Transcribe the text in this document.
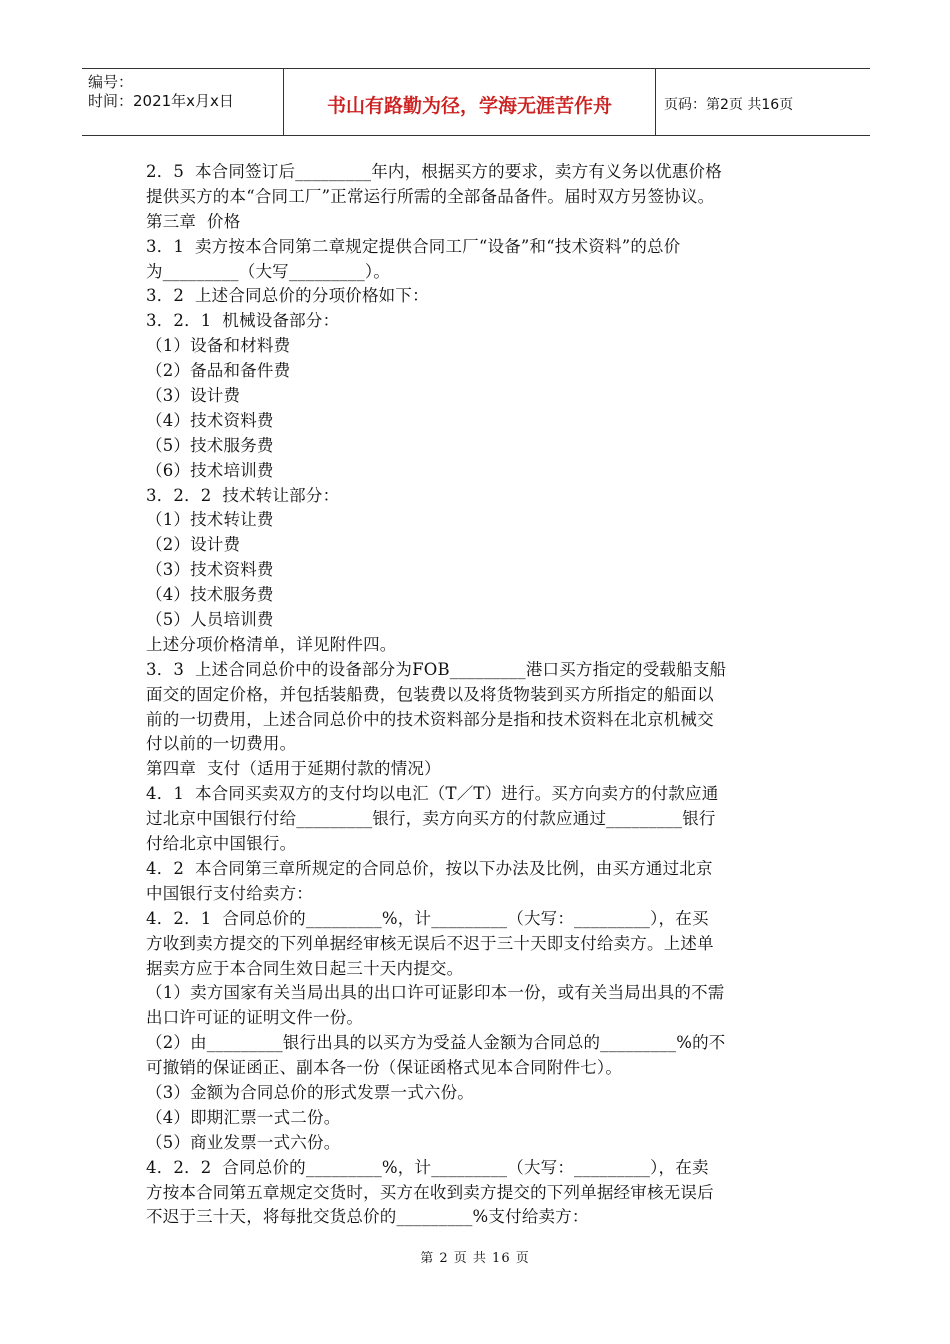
编号：
时间：2021年x月x日	书山有路勤为径，学海无涯苦作舟	页码：第2页 共16页
2．5  本合同签订后_________年内，根据买方的要求，卖方有义务以优惠价格
提供买方的本“合同工厂”正常运行所需的全部备品备件。届时双方另签协议。
第三章  价格
3．1  卖方按本合同第二章规定提供合同工厂“设备”和“技术资料”的总价
为_________（大写_________）。
3．2  上述合同总价的分项价格如下：
3．2．1  机械设备部分：
（1）设备和材料费
（2）备品和备件费
（3）设计费
（4）技术资料费
（5）技术服务费
（6）技术培训费
3．2．2  技术转让部分：
（1）技术转让费
（2）设计费
（3）技术资料费
（4）技术服务费
（5）人员培训费
上述分项价格清单，详见附件四。
3．3  上述合同总价中的设备部分为FOB_________港口买方指定的受载船支船
面交的固定价格，并包括装船费，包装费以及将货物装到买方所指定的船面以
前的一切费用，上述合同总价中的技术资料部分是指和技术资料在北京机械交
付以前的一切费用。
第四章  支付（适用于延期付款的情况）
4．1  本合同买卖双方的支付均以电汇（T／T）进行。买方向卖方的付款应通
过北京中国银行付给_________银行，卖方向买方的付款应通过_________银行
付给北京中国银行。
4．2  本合同第三章所规定的合同总价，按以下办法及比例，由买方通过北京
中国银行支付给卖方：
4．2．1  合同总价的_________%，计_________（大写：_________），在买
方收到卖方提交的下列单据经审核无误后不迟于三十天即支付给卖方。上述单
据卖方应于本合同生效日起三十天内提交。
（1）卖方国家有关当局出具的出口许可证影印本一份，或有关当局出具的不需
出口许可证的证明文件一份。
（2）由_________银行出具的以买方为受益人金额为合同总的_________%的不
可撤销的保证函正、副本各一份（保证函格式见本合同附件七）。
（3）金额为合同总价的形式发票一式六份。
（4）即期汇票一式二份。
（5）商业发票一式六份。
4．2．2  合同总价的_________%，计_________（大写：_________），在卖
方按本合同第五章规定交货时，买方在收到卖方提交的下列单据经审核无误后
不迟于三十天，将每批交货总价的_________%支付给卖方：
第 2 页 共 16 页
